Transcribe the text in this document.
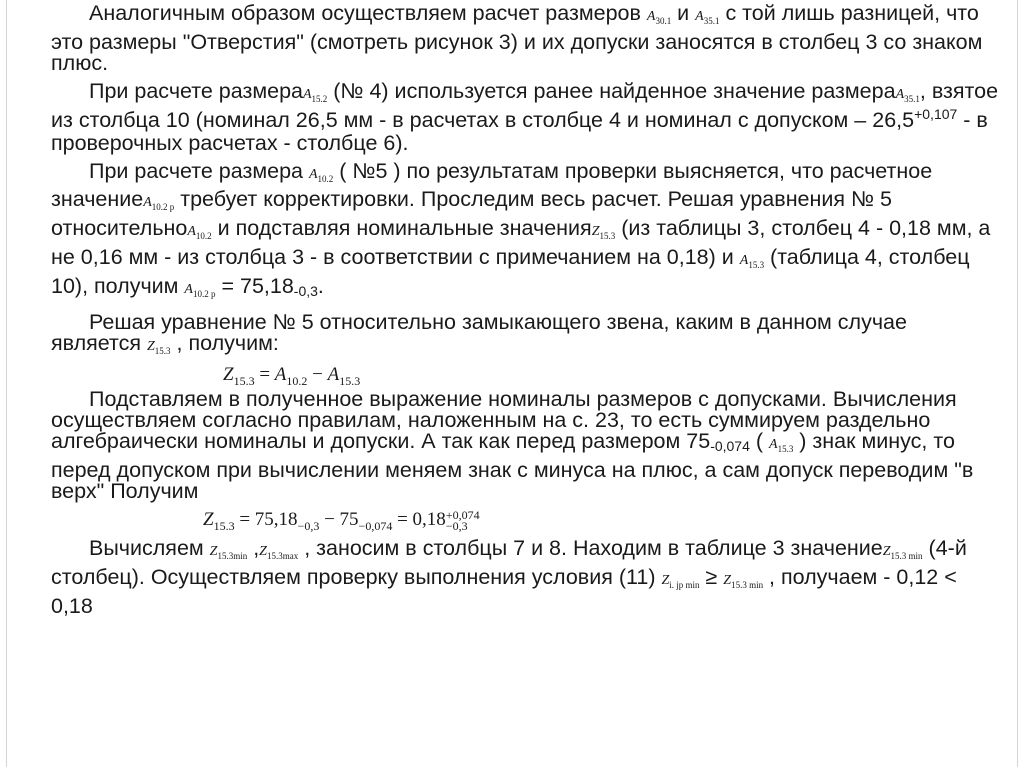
Аналогичным образом осуществляем расчет размеров $A_{30.1}$ и $A_{35.1}$ с той лишь разницей, что это размеры "Отверстия" (смотреть рисунок 3) и их допуски заносятся в столбец 3 со знаком плюс.

При расчете размераA$_{15.2}$ (№ 4) используется ранее найденное значение размераA$_{35.1}$, взятое из столбца 10 (номинал 26,5 мм - в расчетах в столбце 4 и номинал с допуском – $26,5^{+0,107}$ - в проверочных расчетах - столбце 6).

При расчете размера $A_{10.2}$ ( №5 ) по результатам проверки выясняется, что расчетное значениеA$_{10.2 p}$ требует корректировки. Проследим весь расчет. Решая уравнения № 5 относительноA$_{10.2}$ и подставляя номинальные значенияZ$_{15.3}$ (из таблицы 3, столбец 4 - 0,18 мм, а не 0,16 мм - из столбца 3 - в соответствии с примечанием на 0,18) и $A_{15.3}$ (таблица 4, столбец 10), получим $A_{10.2 p} = 75,18-0,3$.

Решая уравнение № 5 относительно замыкающего звена, каким в данном случае является $Z_{15.3}$ , получим:

$Z_{15.3} = A_{10.2} - A_{15.3}$

Подставляем в полученное выражение номиналы размеров с допусками. Вычисления осуществляем согласно правилам, наложенным на с. 23, то есть суммируем раздельно алгебраически номиналы и допуски. А так как перед размером 75-0,074 ( $A_{15.3}$ ) знак минус, то перед допуском при вычислении меняем знак с минуса на плюс, а сам допуск переводим "в верх" Получим

$Z_{15.3} = 75,18_{-0,3} - 75_{-0,074} = 0,18 +0,074$
−0,3

Вычисляем $Z_{15.3min}$ $,Z_{15.3max}$ , заносим в столбцы 7 и 8. Находим в таблице 3 значениеZ$_{15.3 min}$ (4-й столбец). Осуществляем проверку выполнения условия (11) $Z_{i. jp min} \ge Z_{15.3 min}$ , получаем - 0,12 < 0,18
